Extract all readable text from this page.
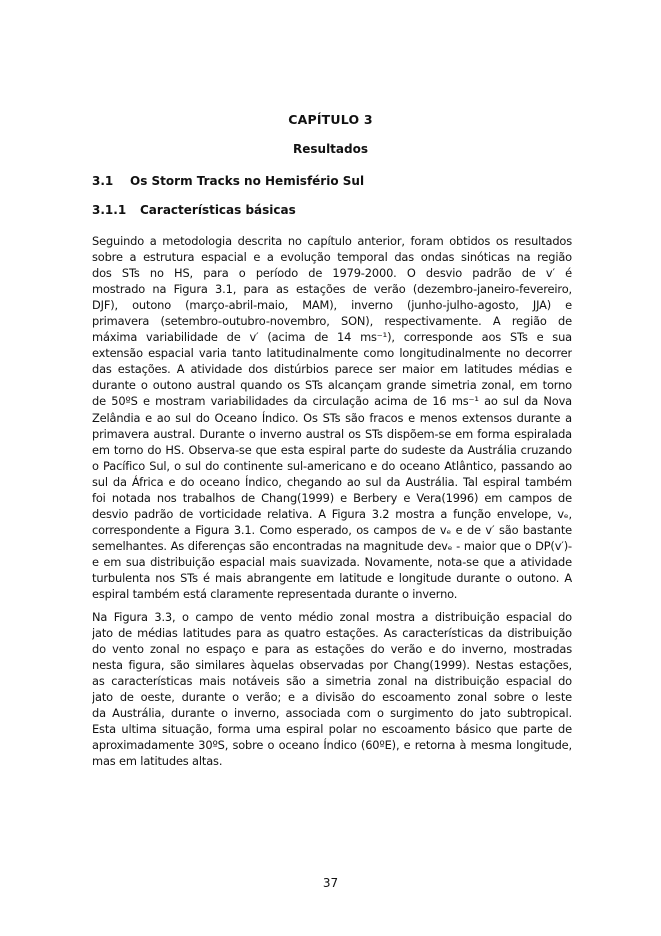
CAPÍTULO 3
Resultados
3.1 Os Storm Tracks no Hemisfério Sul
3.1.1 Características básicas
Seguindo a metodologia descrita no capítulo anterior, foram obtidos os resultados
sobre a estrutura espacial e a evolução temporal das ondas sinóticas na região
dos STs no HS, para o período de 1979-2000. O desvio padrão de v′ é
mostrado na Figura 3.1, para as estações de verão (dezembro-janeiro-fevereiro,
DJF), outono (março-abril-maio, MAM), inverno (junho-julho-agosto, JJA) e
primavera (setembro-outubro-novembro, SON), respectivamente. A região de
máxima variabilidade de v′ (acima de 14 ms⁻¹), corresponde aos STs e sua
extensão espacial varia tanto latitudinalmente como longitudinalmente no decorrer
das estações. A atividade dos distúrbios parece ser maior em latitudes médias e
durante o outono austral quando os STs alcançam grande simetria zonal, em torno
de 50ºS e mostram variabilidades da circulação acima de 16 ms⁻¹ ao sul da Nova
Zelândia e ao sul do Oceano Índico. Os STs são fracos e menos extensos durante a
primavera austral. Durante o inverno austral os STs dispõem-se em forma espiralada
em torno do HS. Observa-se que esta espiral parte do sudeste da Austrália cruzando
o Pacífico Sul, o sul do continente sul-americano e do oceano Atlântico, passando ao
sul da África e do oceano Índico, chegando ao sul da Austrália. Tal espiral também
foi notada nos trabalhos de Chang(1999) e Berbery e Vera(1996) em campos de
desvio padrão de vorticidade relativa. A Figura 3.2 mostra a função envelope, vₑ,
correspondente a Figura 3.1. Como esperado, os campos de vₑ e de v′ são bastante
semelhantes. As diferenças são encontradas na magnitude devₑ - maior que o DP(v′)-
e em sua distribuição espacial mais suavizada. Novamente, nota-se que a atividade
turbulenta nos STs é mais abrangente em latitude e longitude durante o outono. A
espiral também está claramente representada durante o inverno.
Na Figura 3.3, o campo de vento médio zonal mostra a distribuição espacial do
jato de médias latitudes para as quatro estações. As características da distribuição
do vento zonal no espaço e para as estações do verão e do inverno, mostradas
nesta figura, são similares àquelas observadas por Chang(1999). Nestas estações,
as características mais notáveis são a simetria zonal na distribuição espacial do
jato de oeste, durante o verão; e a divisão do escoamento zonal sobre o leste
da Austrália, durante o inverno, associada com o surgimento do jato subtropical.
Esta ultima situação, forma uma espiral polar no escoamento básico que parte de
aproximadamente 30ºS, sobre o oceano Índico (60ºE), e retorna à mesma longitude,
mas em latitudes altas.
37
